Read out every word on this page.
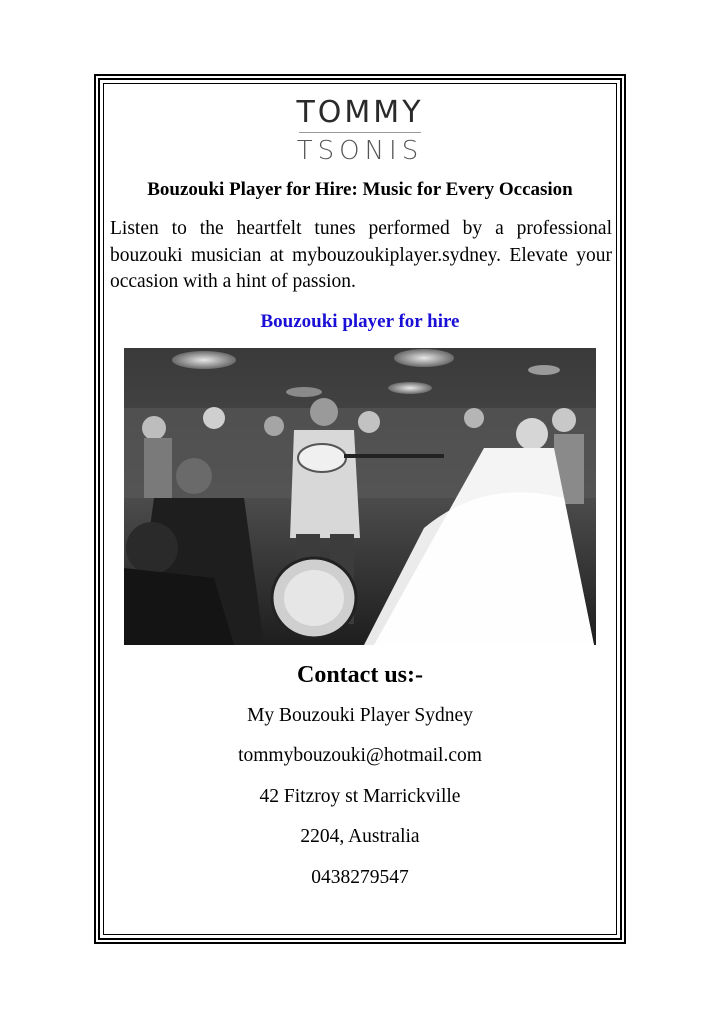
TOMMY
TSONIS
Bouzouki Player for Hire: Music for Every Occasion
Listen to the heartfelt tunes performed by a professional bouzouki musician at mybouzoukiplayer.sydney. Elevate your occasion with a hint of passion.
Bouzouki player for hire
Contact us:-
My Bouzouki Player Sydney
tommybouzouki@hotmail.com
42 Fitzroy st Marrickville
2204, Australia
0438279547
